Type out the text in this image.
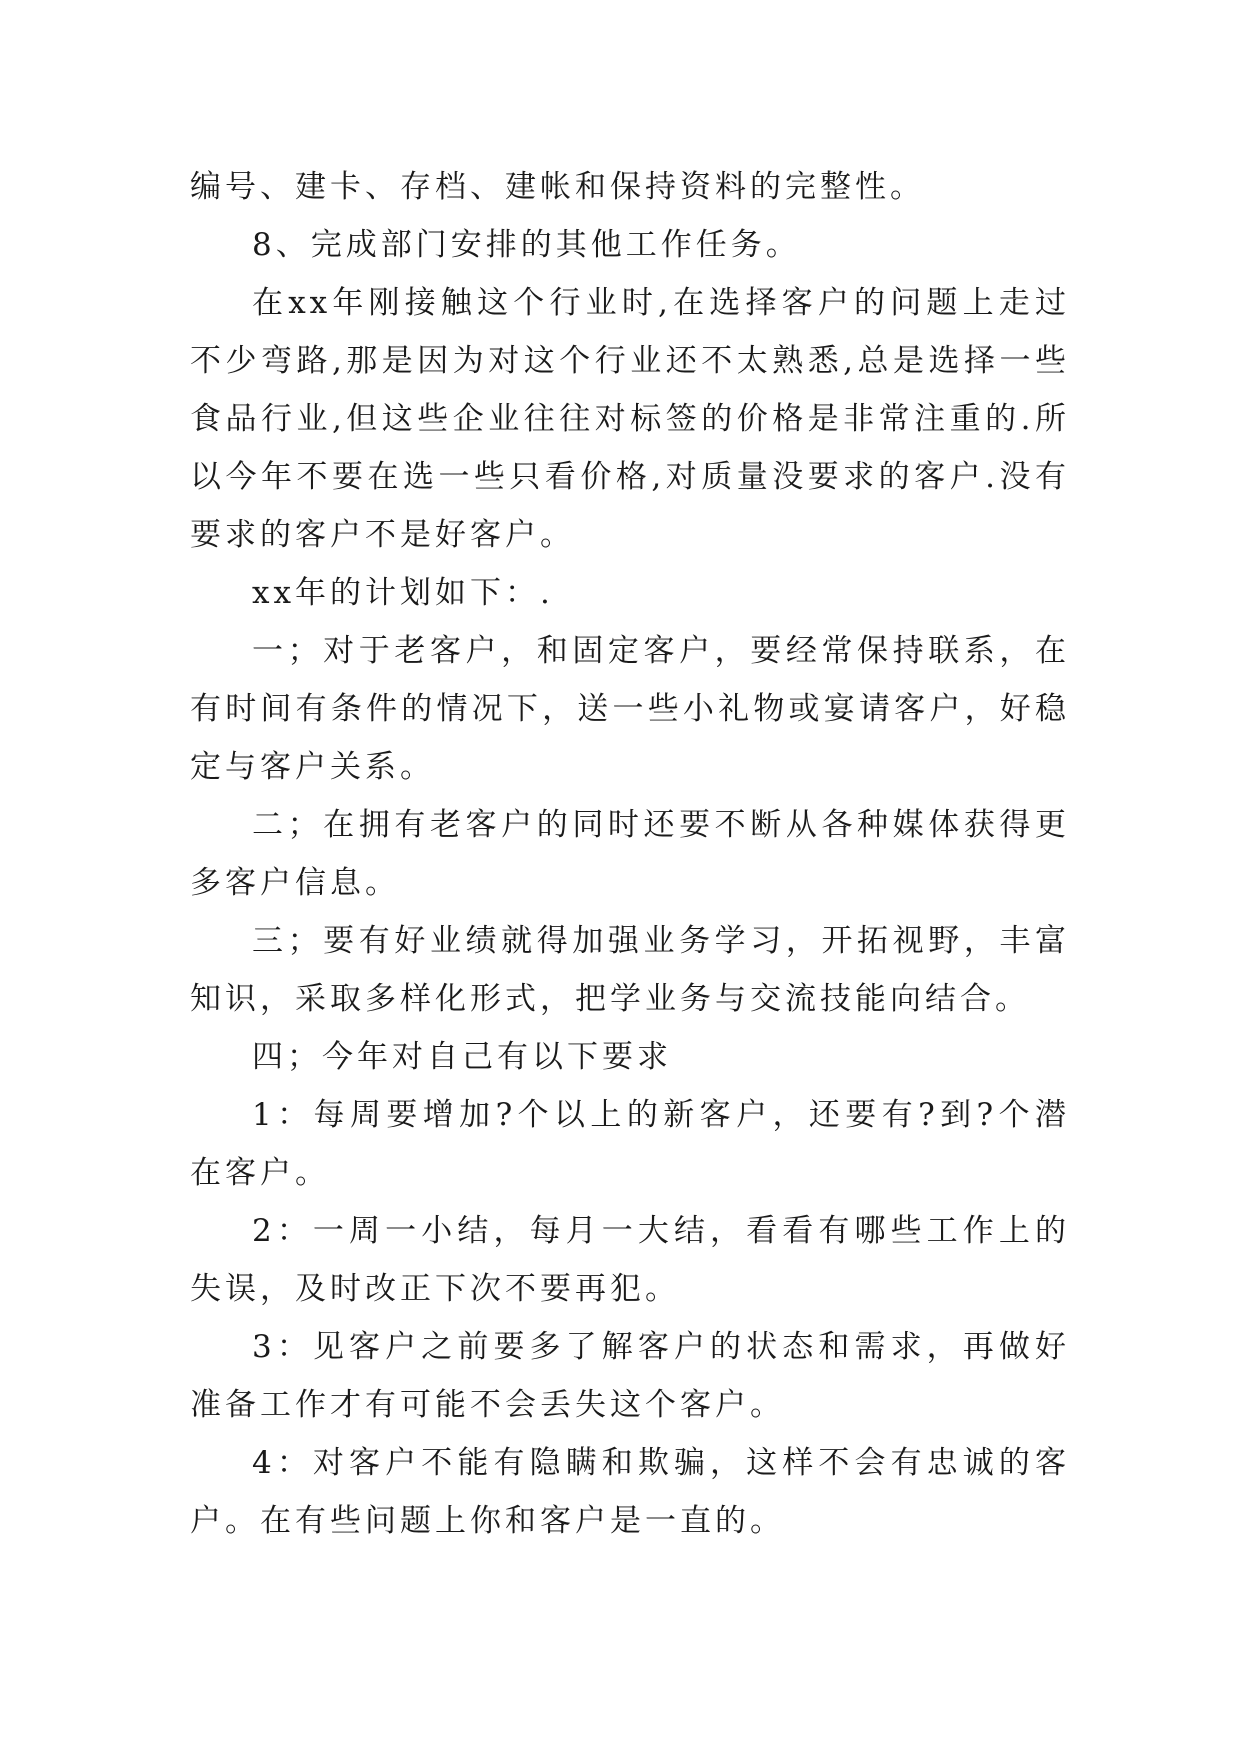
编号、建卡、存档、建帐和保持资料的完整性。

8、完成部门安排的其他工作任务。

在xx年刚接触这个行业时,在选择客户的问题上走过不少弯路,那是因为对这个行业还不太熟悉,总是选择一些食品行业,但这些企业往往对标签的价格是非常注重的.所以今年不要在选一些只看价格,对质量没要求的客户.没有要求的客户不是好客户。

xx年的计划如下：.

一；对于老客户，和固定客户，要经常保持联系，在有时间有条件的情况下，送一些小礼物或宴请客户，好稳定与客户关系。

二；在拥有老客户的同时还要不断从各种媒体获得更多客户信息。

三；要有好业绩就得加强业务学习，开拓视野，丰富知识，采取多样化形式，把学业务与交流技能向结合。

四；今年对自己有以下要求

1：每周要增加?个以上的新客户，还要有?到?个潜在客户。

2：一周一小结，每月一大结，看看有哪些工作上的失误，及时改正下次不要再犯。

3：见客户之前要多了解客户的状态和需求，再做好准备工作才有可能不会丢失这个客户。

4：对客户不能有隐瞒和欺骗，这样不会有忠诚的客户。在有些问题上你和客户是一直的。
